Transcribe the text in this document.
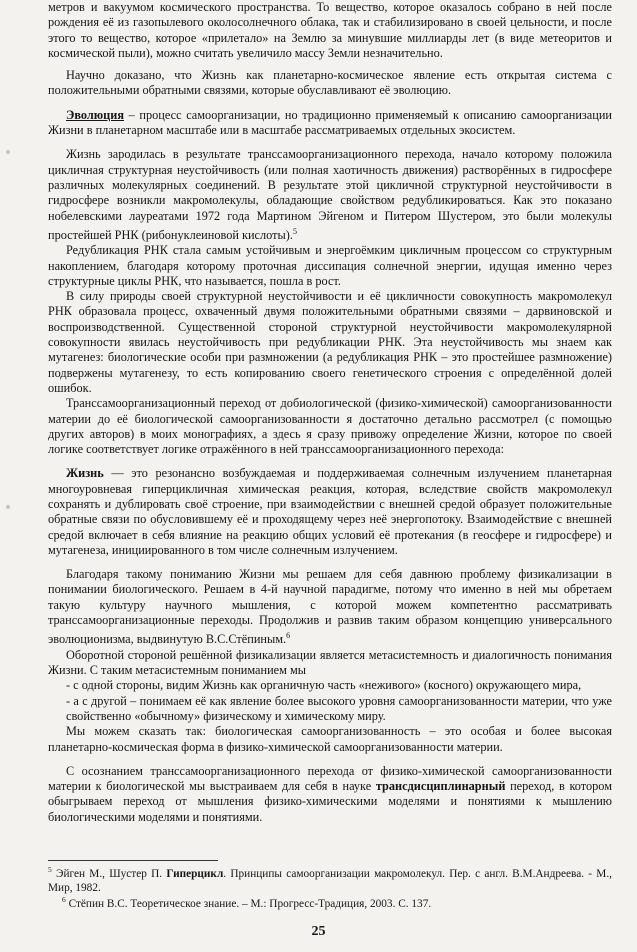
метров и вакуумом космического пространства. То веществo, которое оказалось собрано в ней после рождения её из газопылевого околосолнечного облака, так и стабилизировано в своей цельности, и после этого то вещество, которое «прилетало» на Землю за минувшие миллиарды лет (в виде метеоритов и космической пыли), можно считать увеличило массу Земли незначительно.

Научно доказано, что Жизнь как планетарно-космическое явление есть открытая система с положительными обратными связями, которые обуславливают её эволюцию.

Эволюция – процесс самоорганизации, но традиционно применяемый к описанию самоорганизации Жизни в планетарном масштабе или в масштабе рассматриваемых отдельных экосистем.

Жизнь зародилась в результате транссамоорганизационного перехода, начало которому положила цикличная структурная неустойчивость (или полная хаотичность движения) растворённых в гидросфере различных молекулярных соединений. В результате этой цикличной структурной неустойчивости в гидросфере возникли макромолекулы, обладающие свойством редубликироваться. Как это показано нобелевскими лауреатами 1972 года Мартином Эйгеном и Питером Шустером, это были молекулы простейшей РНК (рибонуклеиновой кислоты).$^5$

Редубликация РНК стала самым устойчивым и энергоёмким цикличным процессом со структурным накоплением, благодаря которому проточная диссипация солнечной энергии, идущая именно через структурные циклы РНК, что называется, пошла в рост.

В силу природы своей структурной неустойчивости и её цикличности совокупность макромолекул РНК образовала процесс, охваченный двумя положительными обратными связями – дарвиновской и воспроизводственной. Существенной стороной структурной неустойчивости макромолекулярной совокупности явилась неустойчивость при редубликации РНК. Эта неустойчивость мы знаем как мутагенез: биологические особи при размножении (а редубликация РНК – это простейшее размножение) подвержены мутагенезу, то есть копированию своего генетического строения с определённой долей ошибок.

Транссамоорганизационный переход от добиологической (физико-химической) самоорганизованности материи до её биологической самоорганизованности я достаточно детально рассмотрел (с помощью других авторов) в моих монографиях, а здесь я сразу привожу определение Жизни, которое по своей логике соответствует логике отражённого в ней транссамоорганизационного перехода:

Жизнь — это резонансно возбуждаемая и поддерживаемая солнечным излучением планетарная многоуровневая гиперцикличная химическая реакция, которая, вследствие свойств макромолекул сохранять и дублировать своё строение, при взаимодействии с внешней средой образует положительные обратные связи по обусловившему её и проходящему через неё энергопотоку. Взаимодействие с внешней средой включает в себя влияние на реакцию общих условий её протекания (в геосфере и гидросфере) и мутагенеза, инициированного в том числе солнечным излучением.

Благодаря такому пониманию Жизни мы решаем для себя давнюю проблему физикализации в понимании биологического. Решаем в 4-й научной парадигме, потому что именно в ней мы обретаем такую культуру научного мышления, с которой можем компетентно рассматривать транссамоорганизационные переходы. Продолжив и развив таким образом концепцию универсального эволюционизма, выдвинутую В.С.Стёпиным.$^6$

Оборотной стороной решённой физикализации является метасистемность и диалогичность понимания Жизни. С таким метасистемным пониманием мы

- с одной стороны, видим Жизнь как органичную часть «неживого» (косного) окружающего мира,

- а с другой – понимаем её как явление более высокого уровня самоорганизованности материи, что уже свойственно «обычному» физическому и химическому миру.

Мы можем сказать так: биологическая самоорганизованность – это особая и более высокая планетарно-космическая форма в физико-химической самоорганизованности материи.

С осознанием транссамоорганизационного перехода от физико-химической самоорганизованности материи к биологической мы выстраиваем для себя в науке трансдисциплинарный переход, в котором обыгрываем переход от мышления физико-химическими моделями и понятиями к мышлению биологическими моделями и понятиями.

$^5$ Эйген М., Шустер П. Гиперцикл. Принципы самоорганизации макромолекул. Пер. с англ. В.М.Андреева. - М., Мир, 1982.

$^6$ Стёпин В.С. Теоретическое знание. – М.: Прогресс-Традиция, 2003. С. 137.

25
